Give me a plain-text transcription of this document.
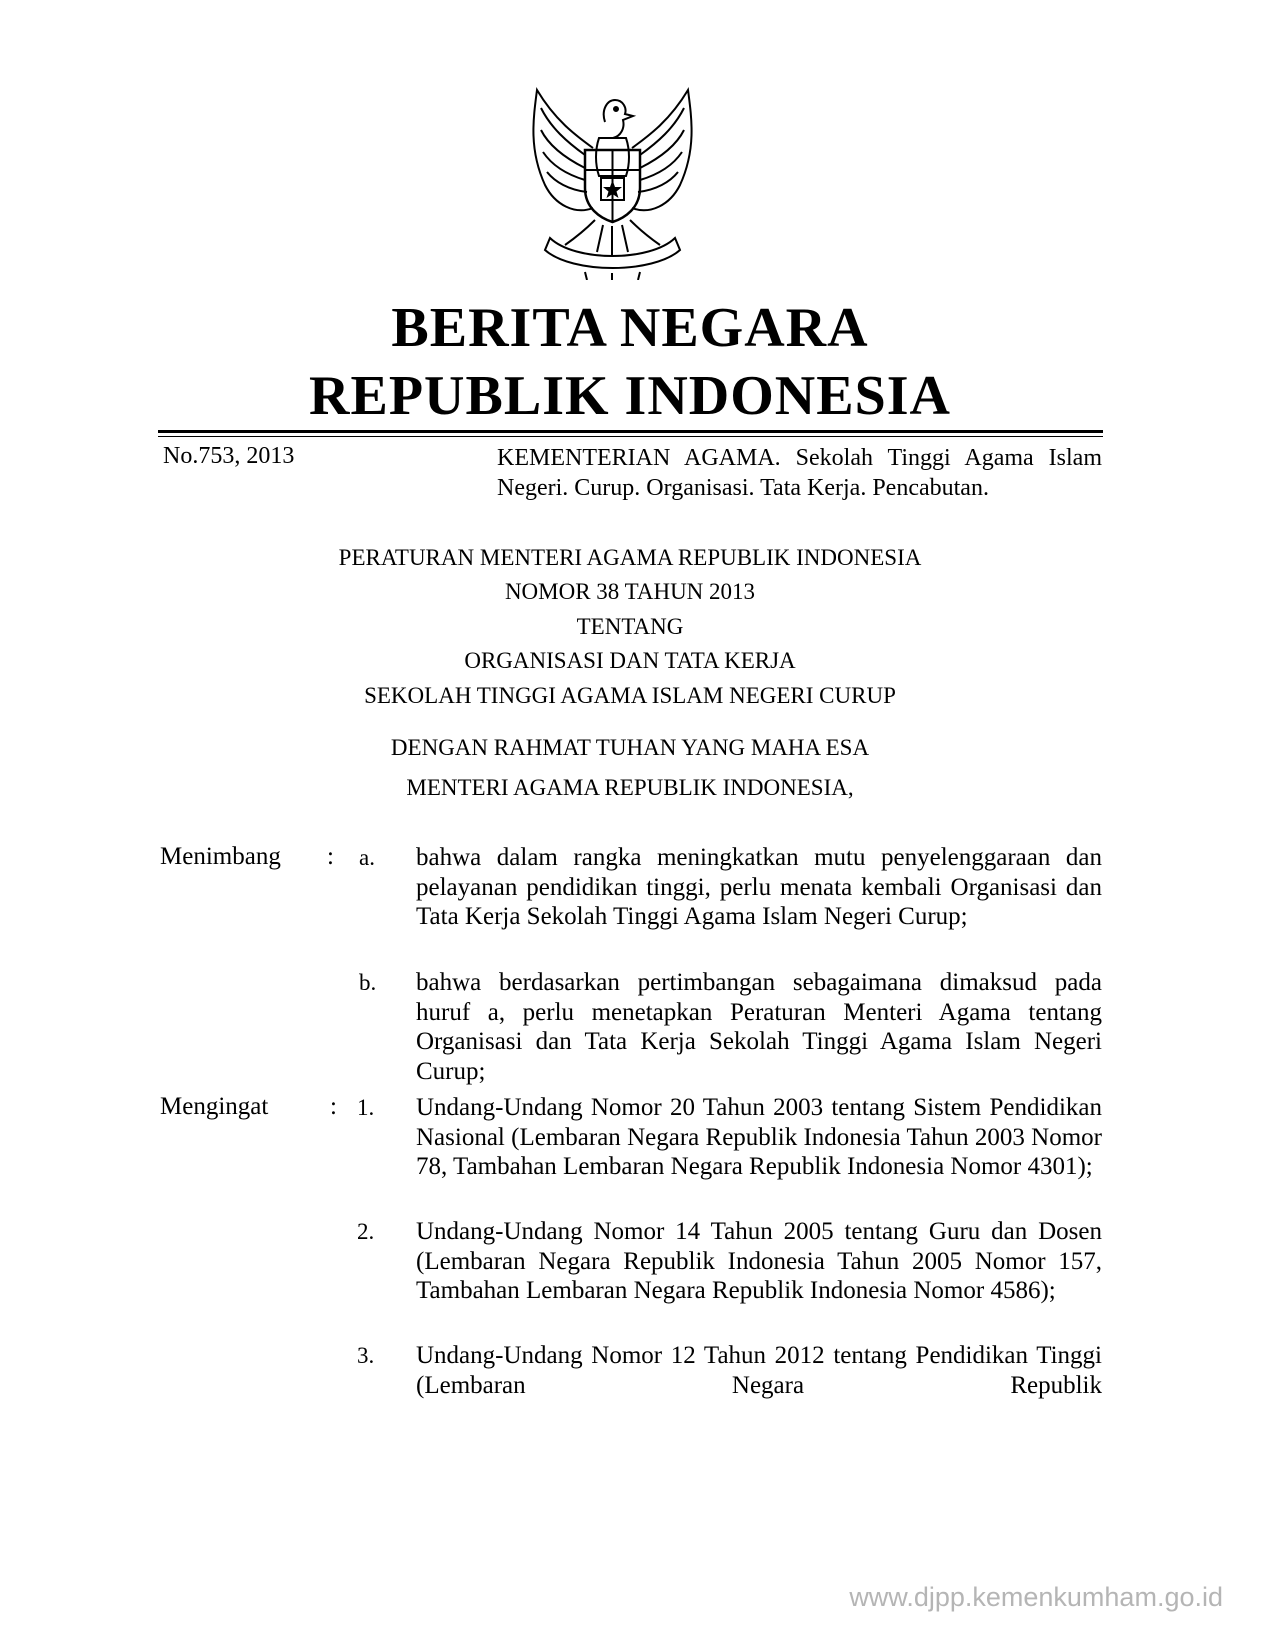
BERITA NEGARA
REPUBLIK INDONESIA
No.753, 2013	KEMENTERIAN AGAMA. Sekolah Tinggi Agama Islam Negeri. Curup. Organisasi. Tata Kerja. Pencabutan.
PERATURAN MENTERI AGAMA REPUBLIK INDONESIA
NOMOR 38 TAHUN 2013
TENTANG
ORGANISASI DAN TATA KERJA
SEKOLAH TINGGI AGAMA ISLAM NEGERI CURUP
DENGAN RAHMAT TUHAN YANG MAHA ESA
MENTERI AGAMA REPUBLIK INDONESIA,
Menimbang : a. bahwa dalam rangka meningkatkan mutu penyelenggaraan dan pelayanan pendidikan tinggi, perlu menata kembali Organisasi dan Tata Kerja Sekolah Tinggi Agama Islam Negeri Curup;
b. bahwa berdasarkan pertimbangan sebagaimana dimaksud pada huruf a, perlu menetapkan Peraturan Menteri Agama tentang Organisasi dan Tata Kerja Sekolah Tinggi Agama Islam Negeri Curup;
Mengingat : 1. Undang-Undang Nomor 20 Tahun 2003 tentang Sistem Pendidikan Nasional (Lembaran Negara Republik Indonesia Tahun 2003 Nomor 78, Tambahan Lembaran Negara Republik Indonesia Nomor 4301);
2. Undang-Undang Nomor 14 Tahun 2005 tentang Guru dan Dosen (Lembaran Negara Republik Indonesia Tahun 2005 Nomor 157, Tambahan Lembaran Negara Republik Indonesia Nomor 4586);
3. Undang-Undang Nomor 12 Tahun 2012 tentang Pendidikan Tinggi (Lembaran Negara Republik
www.djpp.kemenkumham.go.id
